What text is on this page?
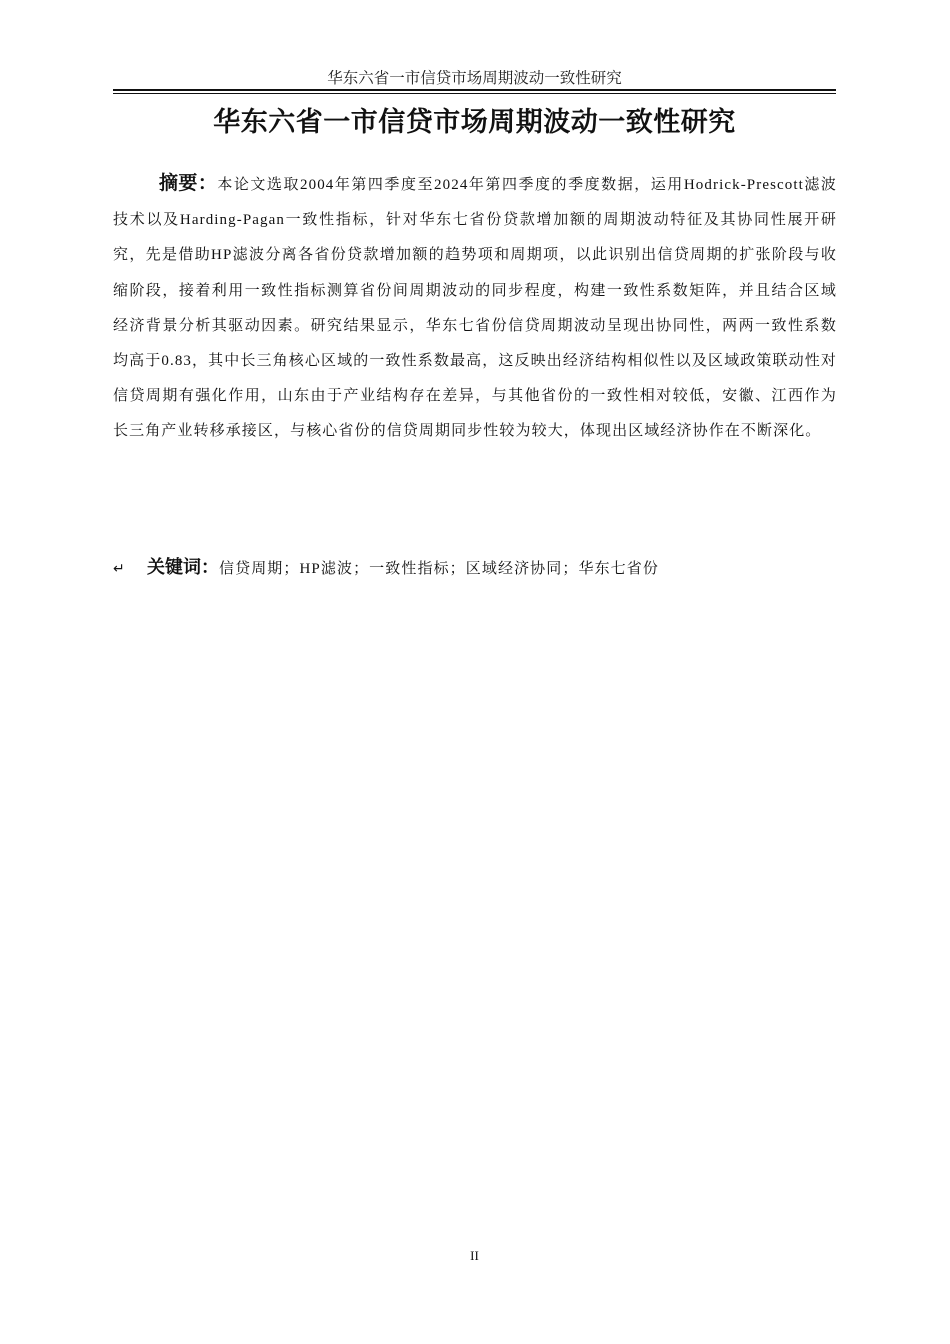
华东六省一市信贷市场周期波动一致性研究
华东六省一市信贷市场周期波动一致性研究
摘要：本论文选取2004年第四季度至2024年第四季度的季度数据，运用Hodrick-Prescott滤波技术以及Harding-Pagan一致性指标，针对华东七省份贷款增加额的周期波动特征及其协同性展开研究，先是借助HP滤波分离各省份贷款增加额的趋势项和周期项，以此识别出信贷周期的扩张阶段与收缩阶段，接着利用一致性指标测算省份间周期波动的同步程度，构建一致性系数矩阵，并且结合区域经济背景分析其驱动因素。研究结果显示，华东七省份信贷周期波动呈现出协同性，两两一致性系数均高于0.83，其中长三角核心区域的一致性系数最高，这反映出经济结构相似性以及区域政策联动性对信贷周期有强化作用，山东由于产业结构存在差异，与其他省份的一致性相对较低，安徽、江西作为长三角产业转移承接区，与核心省份的信贷周期同步性较为较大，体现出区域经济协作在不断深化。
↵ 关键词：信贷周期；HP滤波；一致性指标；区域经济协同；华东七省份
II
